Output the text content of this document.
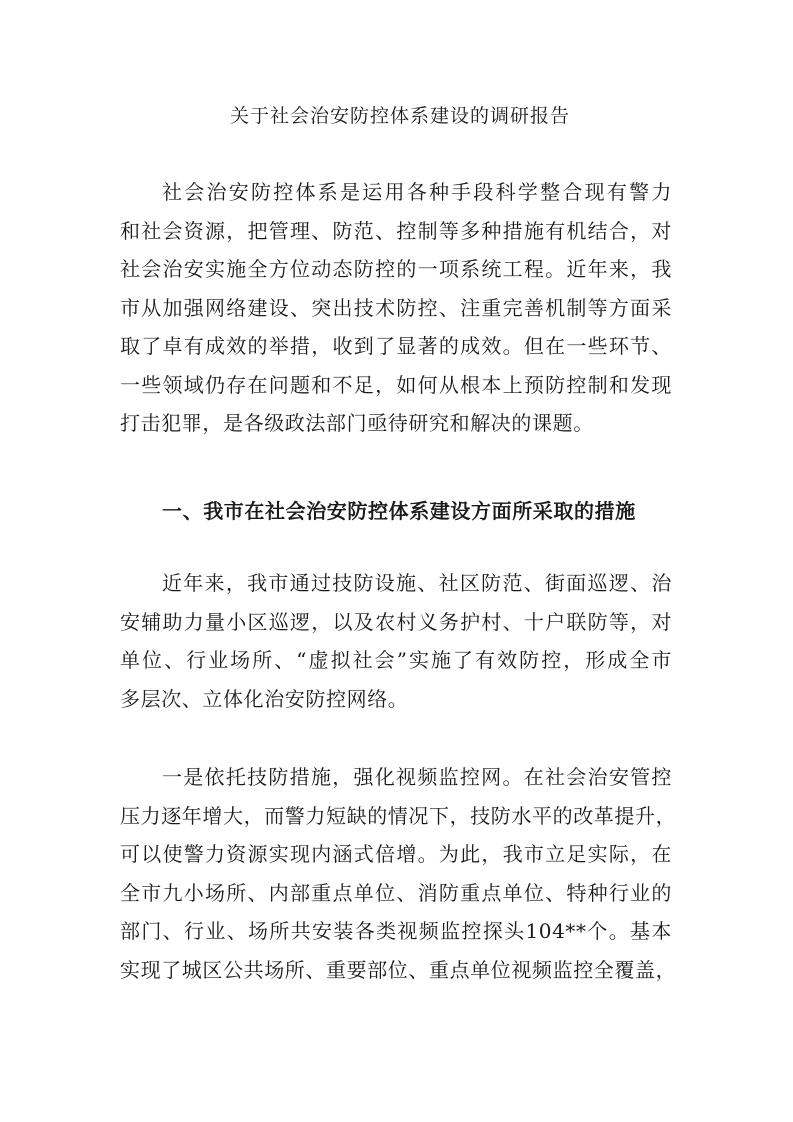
关于社会治安防控体系建设的调研报告
社会治安防控体系是运用各种手段科学整合现有警力
和社会资源，把管理、防范、控制等多种措施有机结合，对
社会治安实施全方位动态防控的一项系统工程。近年来，我
市从加强网络建设、突出技术防控、注重完善机制等方面采
取了卓有成效的举措，收到了显著的成效。但在一些环节、
一些领域仍存在问题和不足，如何从根本上预防控制和发现
打击犯罪，是各级政法部门亟待研究和解决的课题。
一、我市在社会治安防控体系建设方面所采取的措施
近年来，我市通过技防设施、社区防范、街面巡逻、治
安辅助力量小区巡逻，以及农村义务护村、十户联防等，对
单位、行业场所、“虚拟社会”实施了有效防控，形成全市
多层次、立体化治安防控网络。
一是依托技防措施，强化视频监控网。在社会治安管控
压力逐年增大，而警力短缺的情况下，技防水平的改革提升，
可以使警力资源实现内涵式倍增。为此，我市立足实际，在
全市九小场所、内部重点单位、消防重点单位、特种行业的
部门、行业、场所共安装各类视频监控探头104**个。基本
实现了城区公共场所、重要部位、重点单位视频监控全覆盖，
